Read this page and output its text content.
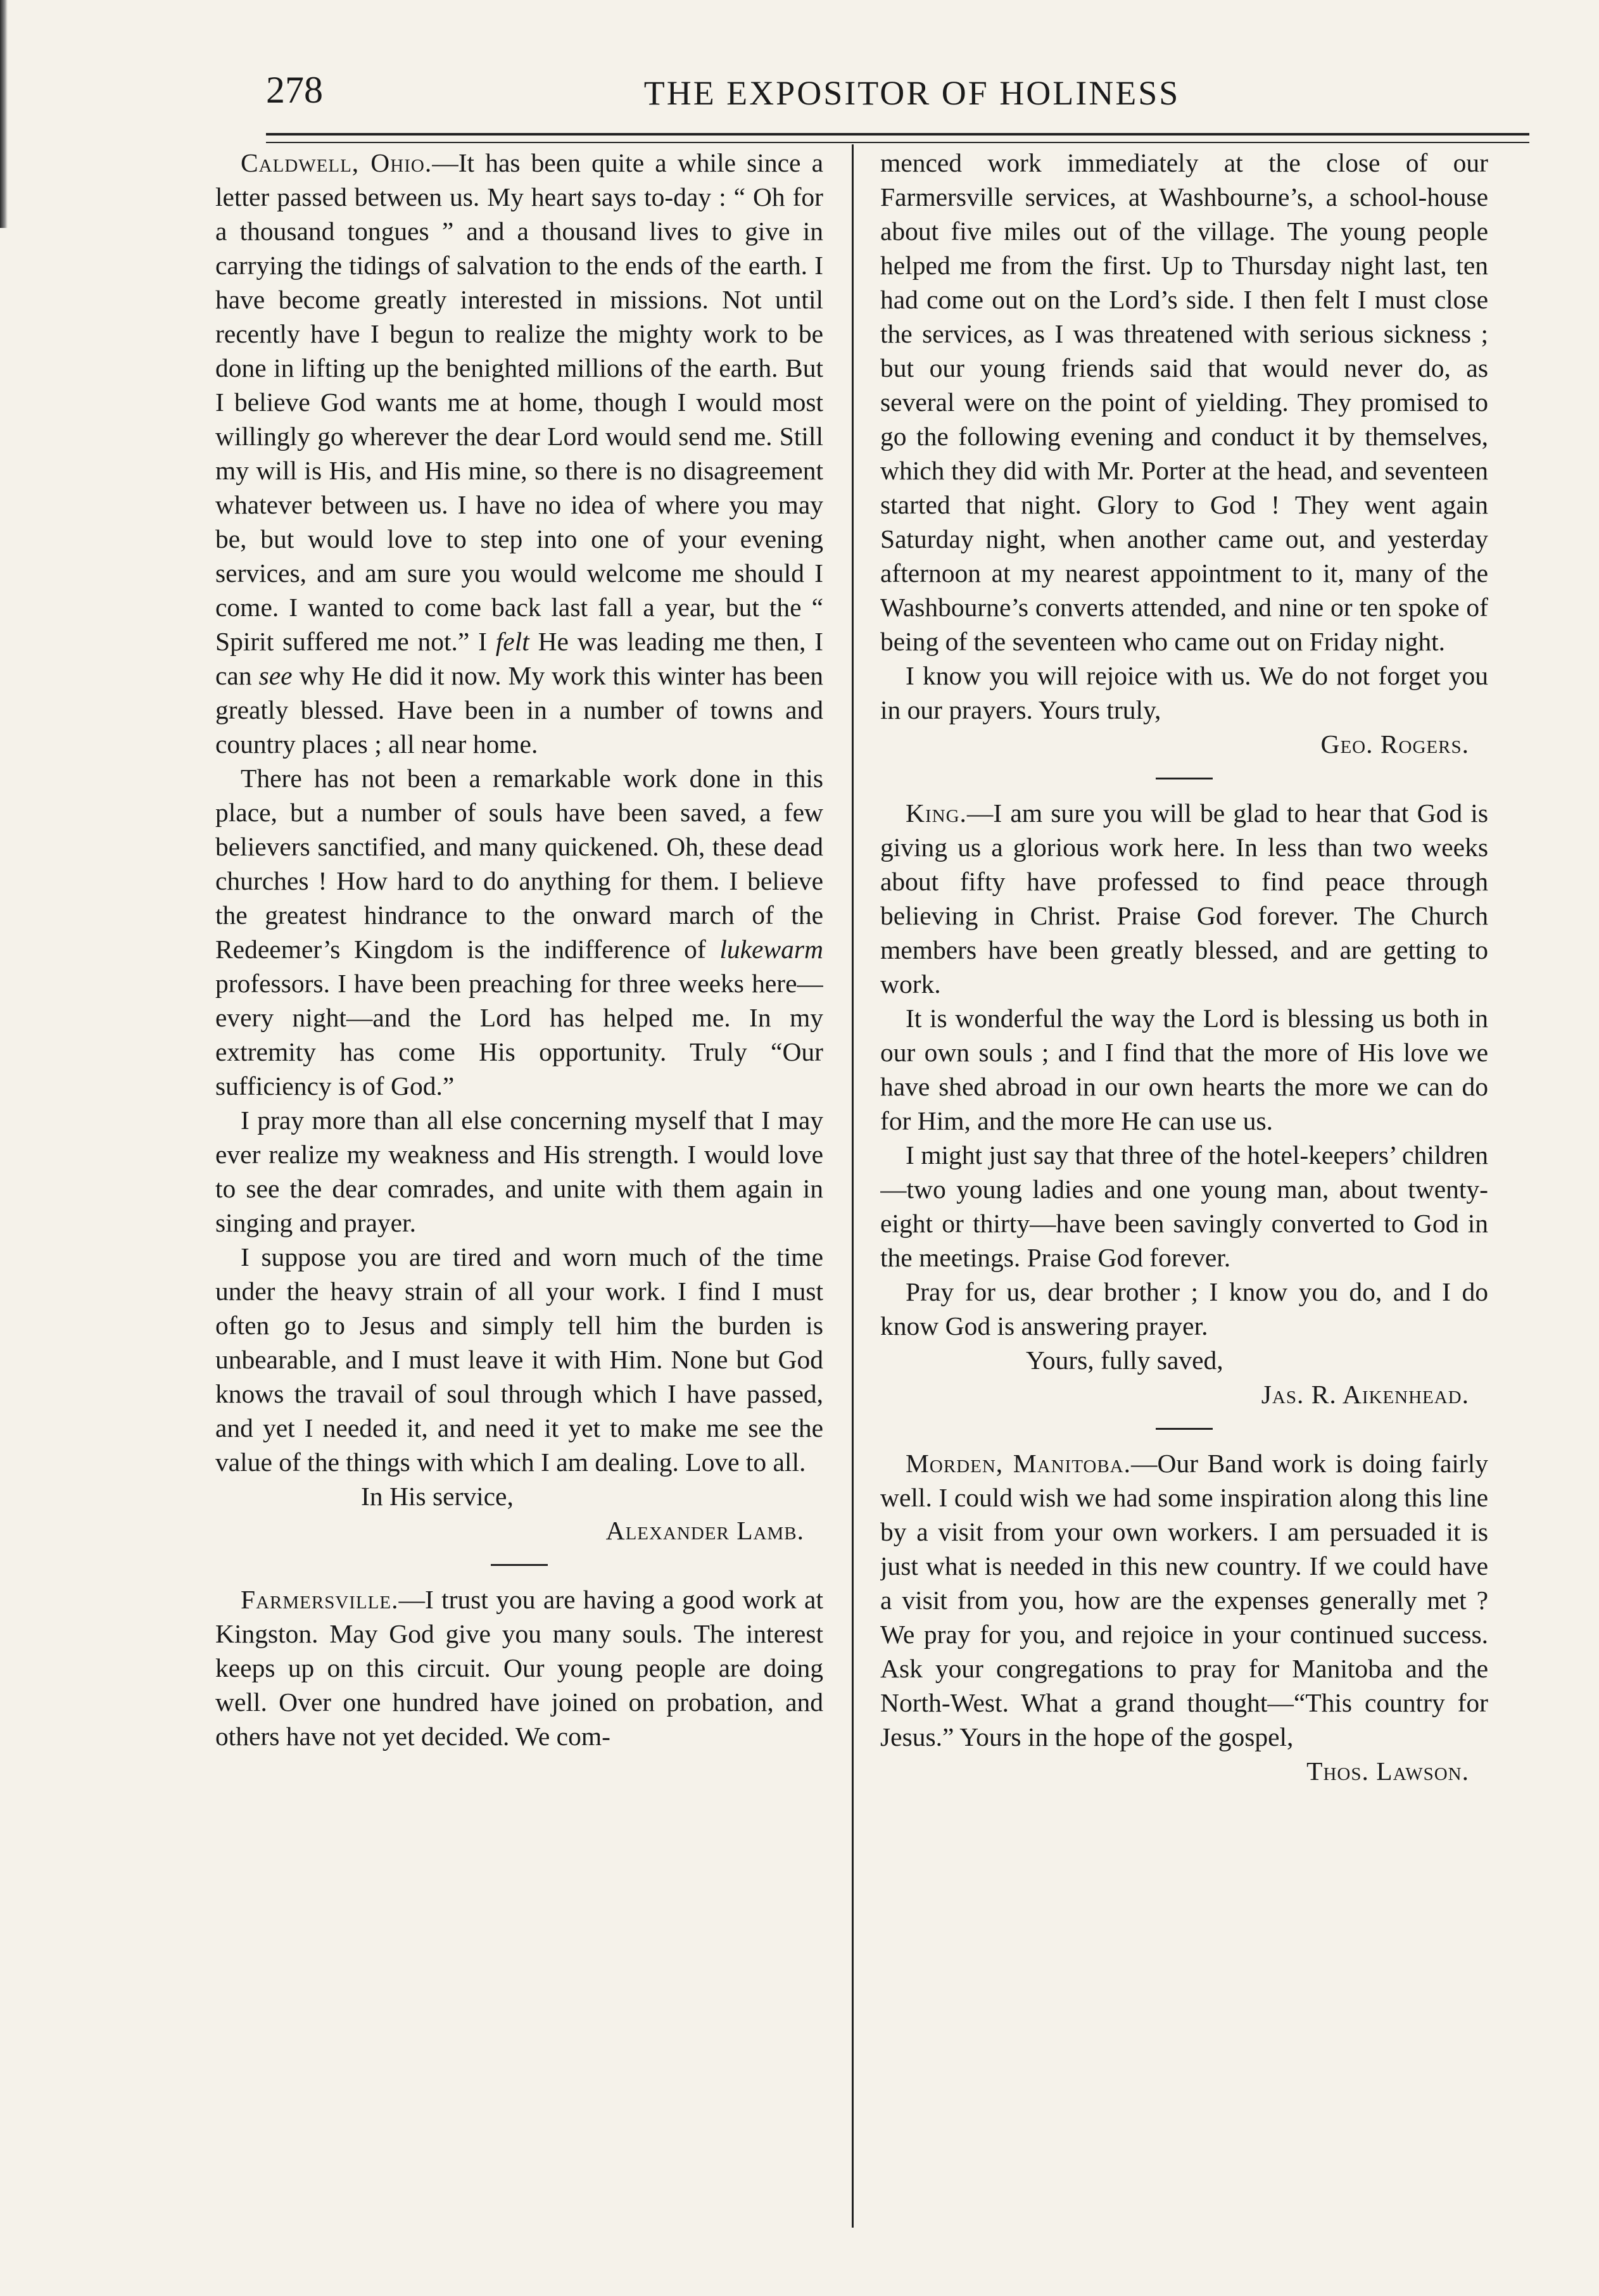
278	THE EXPOSITOR OF HOLINESS

Caldwell, Ohio.—It has been quite a while since a letter passed between us. My heart says to-day : “ Oh for a thousand tongues ” and a thousand lives to give in carrying the tidings of salvation to the ends of the earth. I have become greatly interested in missions. Not until recently have I begun to realize the mighty work to be done in lifting up the benighted millions of the earth. But I believe God wants me at home, though I would most willingly go wherever the dear Lord would send me. Still my will is His, and His mine, so there is no disagreement whatever between us. I have no idea of where you may be, but would love to step into one of your evening services, and am sure you would welcome me should I come. I wanted to come back last fall a year, but the “ Spirit suffered me not.” I felt He was leading me then, I can see why He did it now. My work this winter has been greatly blessed. Have been in a number of towns and country places ; all near home.

There has not been a remarkable work done in this place, but a number of souls have been saved, a few believers sanctified, and many quickened. Oh, these dead churches ! How hard to do anything for them. I believe the greatest hindrance to the onward march of the Redeemer’s Kingdom is the indifference of lukewarm professors. I have been preaching for three weeks here—every night—and the Lord has helped me. In my extremity has come His opportunity. Truly “Our sufficiency is of God.”

I pray more than all else concerning myself that I may ever realize my weakness and His strength. I would love to see the dear comrades, and unite with them again in singing and prayer.

I suppose you are tired and worn much of the time under the heavy strain of all your work. I find I must often go to Jesus and simply tell him the burden is unbearable, and I must leave it with Him. None but God knows the travail of soul through which I have passed, and yet I needed it, and need it yet to make me see the value of the things with which I am dealing. Love to all.

In His service,

Alexander Lamb.

Farmersville.—I trust you are having a good work at Kingston. May God give you many souls. The interest keeps up on this circuit. Our young people are doing well. Over one hundred have joined on probation, and others have not yet decided. We com-

menced work immediately at the close of our Farmersville services, at Washbourne’s, a school-house about five miles out of the village. The young people helped me from the first. Up to Thursday night last, ten had come out on the Lord’s side. I then felt I must close the services, as I was threatened with serious sickness ; but our young friends said that would never do, as several were on the point of yielding. They promised to go the following evening and conduct it by themselves, which they did with Mr. Porter at the head, and seventeen started that night. Glory to God ! They went again Saturday night, when another came out, and yesterday afternoon at my nearest appointment to it, many of the Washbourne’s converts attended, and nine or ten spoke of being of the seventeen who came out on Friday night.

I know you will rejoice with us. We do not forget you in our prayers. Yours truly,

Geo. Rogers.

King.—I am sure you will be glad to hear that God is giving us a glorious work here. In less than two weeks about fifty have professed to find peace through believing in Christ. Praise God forever. The Church members have been greatly blessed, and are getting to work.

It is wonderful the way the Lord is blessing us both in our own souls ; and I find that the more of His love we have shed abroad in our own hearts the more we can do for Him, and the more He can use us.

I might just say that three of the hotel-keepers’ children—two young ladies and one young man, about twenty-eight or thirty—have been savingly converted to God in the meetings. Praise God forever.

Pray for us, dear brother ; I know you do, and I do know God is answering prayer.

Yours, fully saved,

Jas. R. Aikenhead.

Morden, Manitoba.—Our Band work is doing fairly well. I could wish we had some inspiration along this line by a visit from your own workers. I am persuaded it is just what is needed in this new country. If we could have a visit from you, how are the expenses generally met ? We pray for you, and rejoice in your continued success. Ask your congregations to pray for Manitoba and the North-West. What a grand thought—“This country for Jesus.” Yours in the hope of the gospel,

Thos. Lawson.
